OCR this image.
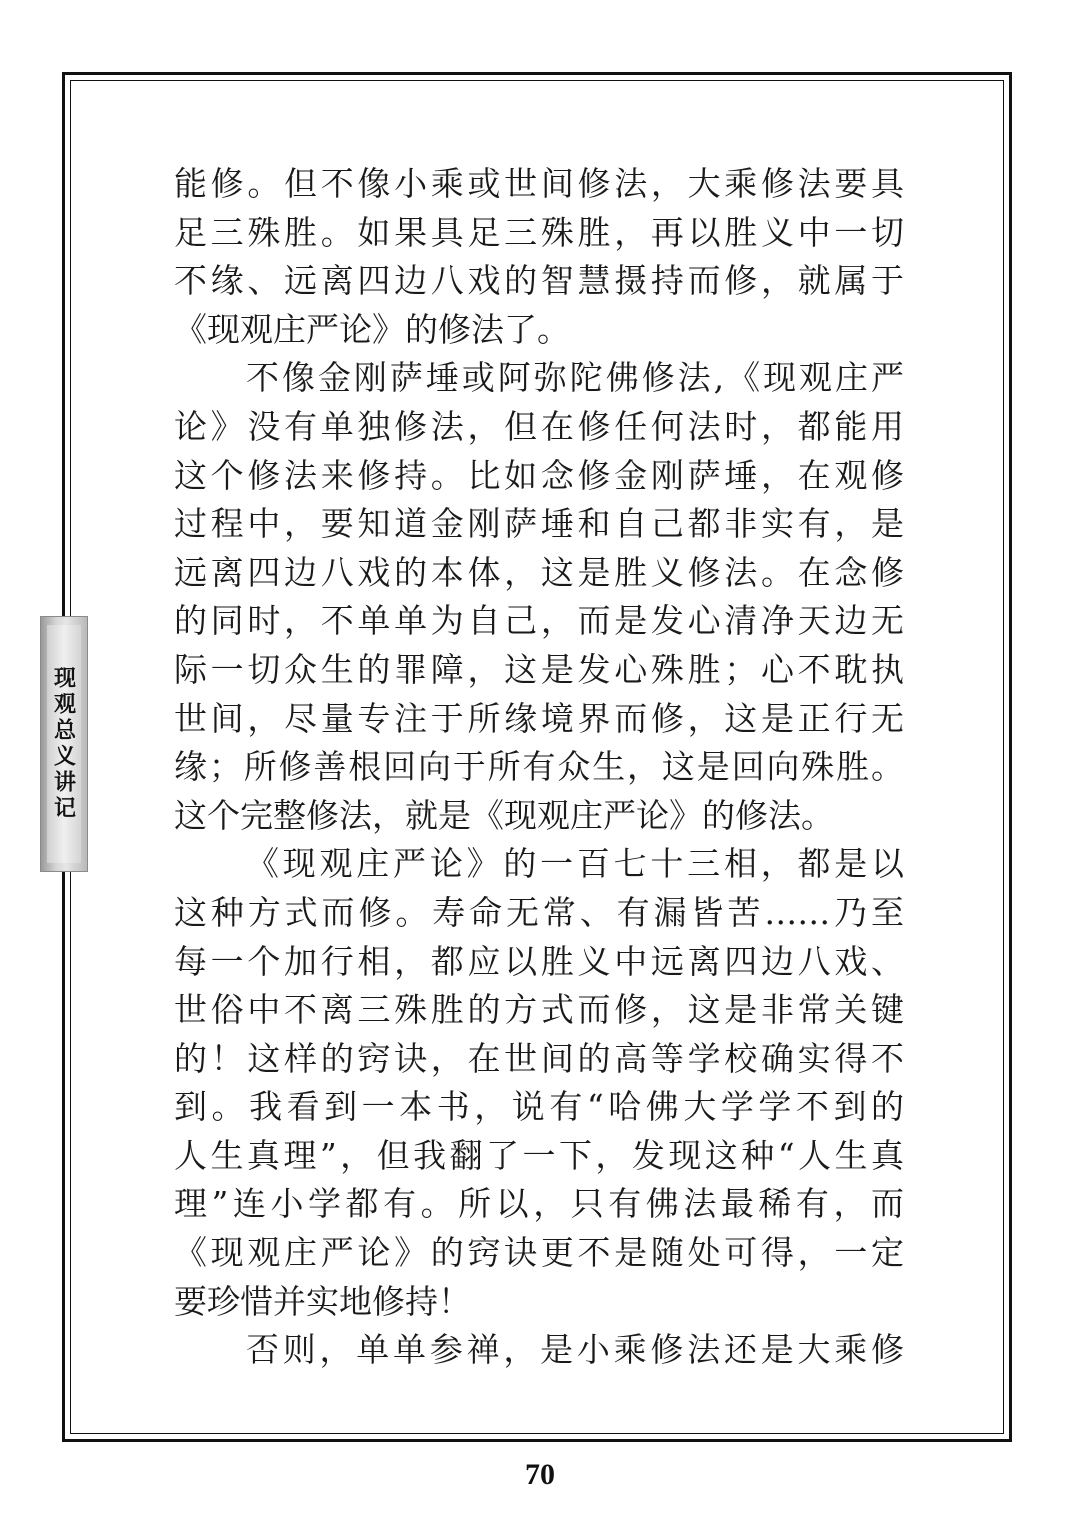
现观总义讲记
能修。但不像小乘或世间修法，大乘修法要具
足三殊胜。如果具足三殊胜，再以胜义中一切
不缘、远离四边八戏的智慧摄持而修，就属于
《现观庄严论》的修法了。
不像金刚萨埵或阿弥陀佛修法,《现观庄严
论》没有单独修法，但在修任何法时，都能用
这个修法来修持。比如念修金刚萨埵，在观修
过程中，要知道金刚萨埵和自己都非实有，是
远离四边八戏的本体，这是胜义修法。在念修
的同时，不单单为自己，而是发心清净天边无
际一切众生的罪障，这是发心殊胜；心不耽执
世间，尽量专注于所缘境界而修，这是正行无
缘；所修善根回向于所有众生，这是回向殊胜。
这个完整修法，就是《现观庄严论》的修法。
《现观庄严论》的一百七十三相，都是以
这种方式而修。寿命无常、有漏皆苦……乃至
每一个加行相，都应以胜义中远离四边八戏、
世俗中不离三殊胜的方式而修，这是非常关键
的！这样的窍诀，在世间的高等学校确实得不
到。我看到一本书，说有“哈佛大学学不到的
人生真理”，但我翻了一下，发现这种“人生真
理”连小学都有。所以，只有佛法最稀有，而
《现观庄严论》的窍诀更不是随处可得，一定
要珍惜并实地修持！
否则，单单参禅，是小乘修法还是大乘修
70
